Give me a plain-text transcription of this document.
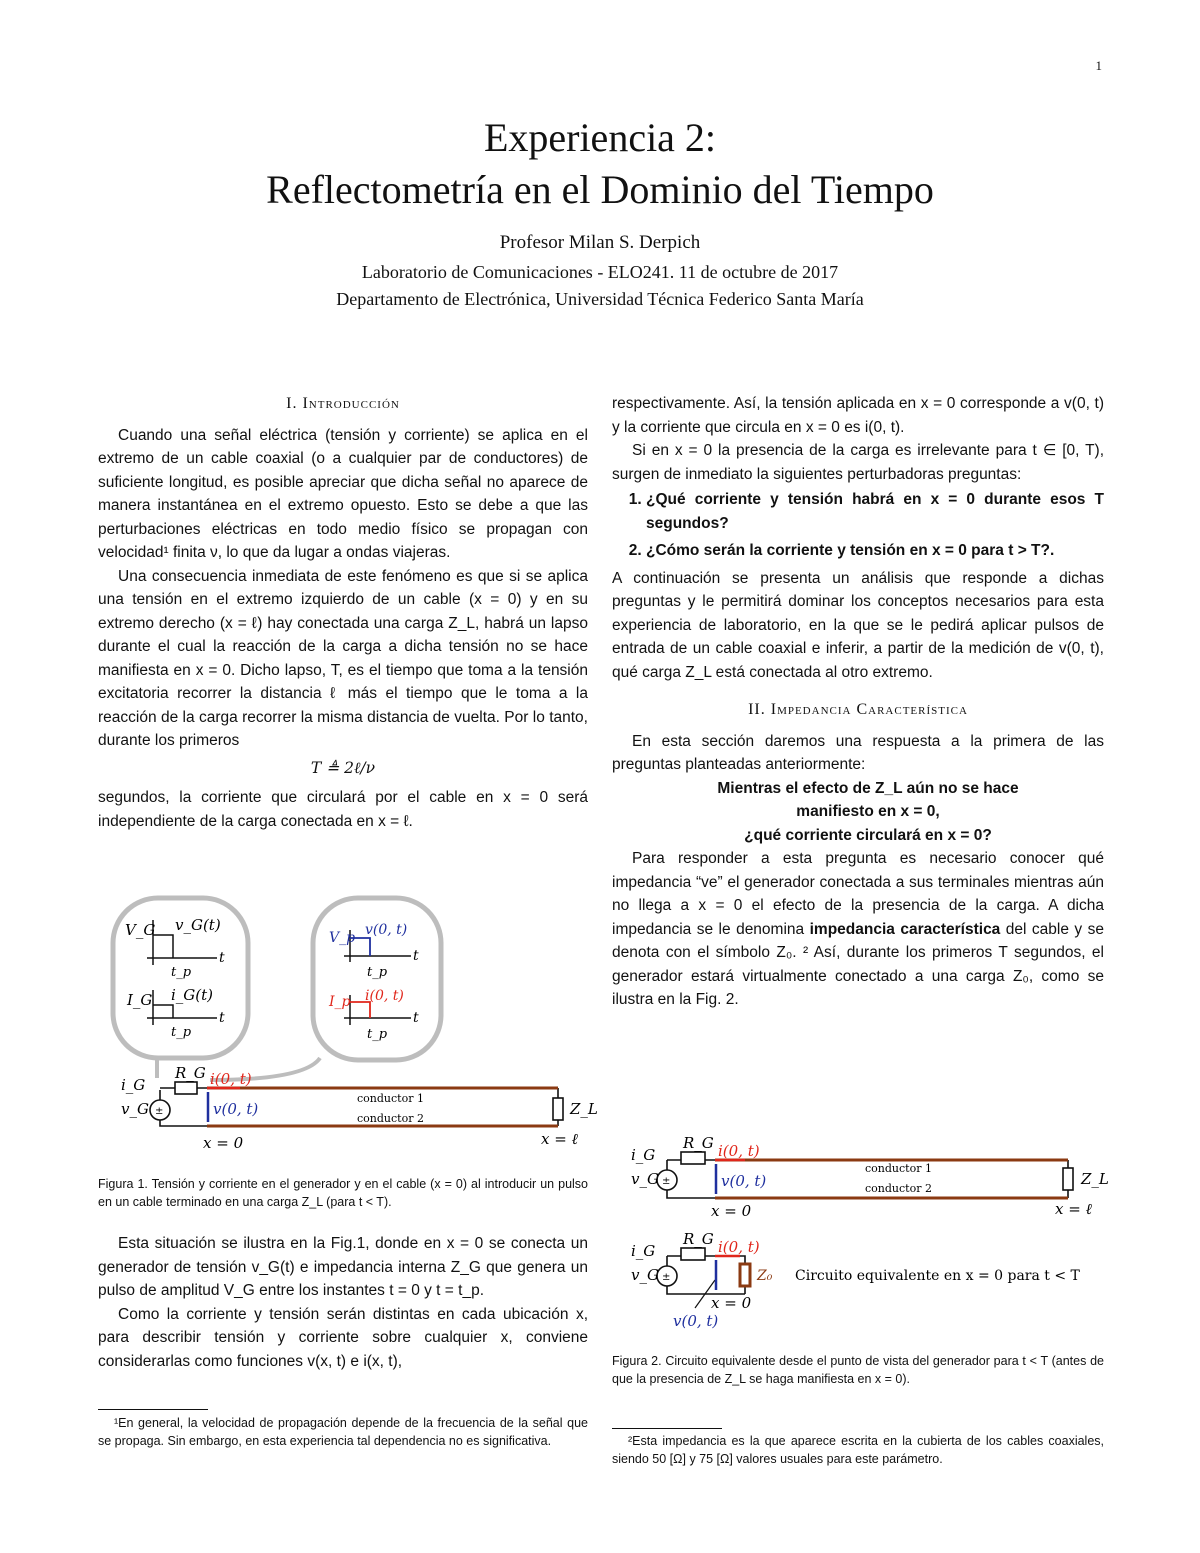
1
Experiencia 2:
Reflectometría en el Dominio del Tiempo
Profesor Milan S. Derpich
Laboratorio de Comunicaciones - ELO241. 11 de octubre de 2017
Departamento de Electrónica, Universidad Técnica Federico Santa María
I. Introducción

Cuando una señal eléctrica (tensión y corriente) se aplica en el extremo de un cable coaxial (o a cualquier par de conductores) de suficiente longitud, es posible apreciar que dicha señal no aparece de manera instantánea en el extremo opuesto. Esto se debe a que las perturbaciones eléctricas en todo medio físico se propagan con velocidad¹ finita ν, lo que da lugar a ondas viajeras.

Una consecuencia inmediata de este fenómeno es que si se aplica una tensión en el extremo izquierdo de un cable (x = 0) y en su extremo derecho (x = ℓ) hay conectada una carga Z_L, habrá un lapso durante el cual la reacción de la carga a dicha tensión no se hace manifiesta en x = 0. Dicho lapso, T, es el tiempo que toma a la tensión excitatoria recorrer la distancia ℓ más el tiempo que le toma a la reacción de la carga recorrer la misma distancia de vuelta. Por lo tanto, durante los primeros

T ≜ 2ℓ/ν

segundos, la corriente que circulará por el cable en x = 0 será independiente de la carga conectada en x = ℓ.

V_G v_G(t)
t
t_p
I_G i_G(t)
t
t_p
V_p v(0, t)
t
t_p
I_p i(0, t)
t
t_p
±
i_G
v_G
R_G i(0, t)
v(0, t)
conductor 1
conductor 2
Z_L
x = 0	x = ℓ
Figura 1. Tensión y corriente en el generador y en el cable (x = 0) al introducir un pulso en un cable terminado en una carga Z_L (para t < T).

Esta situación se ilustra en la Fig.1, donde en x = 0 se conecta un generador de tensión v_G(t) e impedancia interna Z_G que genera un pulso de amplitud V_G entre los instantes t = 0 y t = t_p.

Como la corriente y tensión serán distintas en cada ubicación x, para describir tensión y corriente sobre cualquier x, conviene considerarlas como funciones v(x, t) e i(x, t),

¹En general, la velocidad de propagación depende de la frecuencia de la señal que se propaga. Sin embargo, en esta experiencia tal dependencia no es significativa.

respectivamente. Así, la tensión aplicada en x = 0 corresponde a v(0, t) y la corriente que circula en x = 0 es i(0, t).

Si en x = 0 la presencia de la carga es irrelevante para t ∈ [0, T), surgen de inmediato la siguientes perturbadoras preguntas:

1. ¿Qué corriente y tensión habrá en x = 0 durante esos T segundos?
2. ¿Cómo serán la corriente y tensión en x = 0 para t > T?.

A continuación se presenta un análisis que responde a dichas preguntas y le permitirá dominar los conceptos necesarios para esta experiencia de laboratorio, en la que se le pedirá aplicar pulsos de entrada de un cable coaxial e inferir, a partir de la medición de v(0, t), qué carga Z_L está conectada al otro extremo.

II. Impedancia Característica

En esta sección daremos una respuesta a la primera de las preguntas planteadas anteriormente:

Mientras el efecto de Z_L aún no se hace

manifiesto en x = 0,

¿qué corriente circulará en x = 0?

Para responder a esta pregunta es necesario conocer qué impedancia “ve” el generador conectada a sus terminales mientras aún no llega a x = 0 el efecto de la presencia de la carga. A dicha impedancia se le denomina impedancia característica del cable y se denota con el símbolo Z₀. ² Así, durante los primeros T segundos, el generador estará virtualmente conectado a una carga Z₀, como se ilustra en la Fig. 2.

±
±
i_G
v_G
R_G i(0, t)
v(0, t)
conductor 1
conductor 2
Z_L
x = 0	x = ℓ
i_G
v_G
R_G i(0, t)
Z₀ Circuito equivalente en x = 0 para t < T
x = 0
v(0, t)
Figura 2. Circuito equivalente desde el punto de vista del generador para t < T (antes de que la presencia de Z_L se haga manifiesta en x = 0).
²Esta impedancia es la que aparece escrita en la cubierta de los cables coaxiales, siendo 50 [Ω] y 75 [Ω] valores usuales para este parámetro.
